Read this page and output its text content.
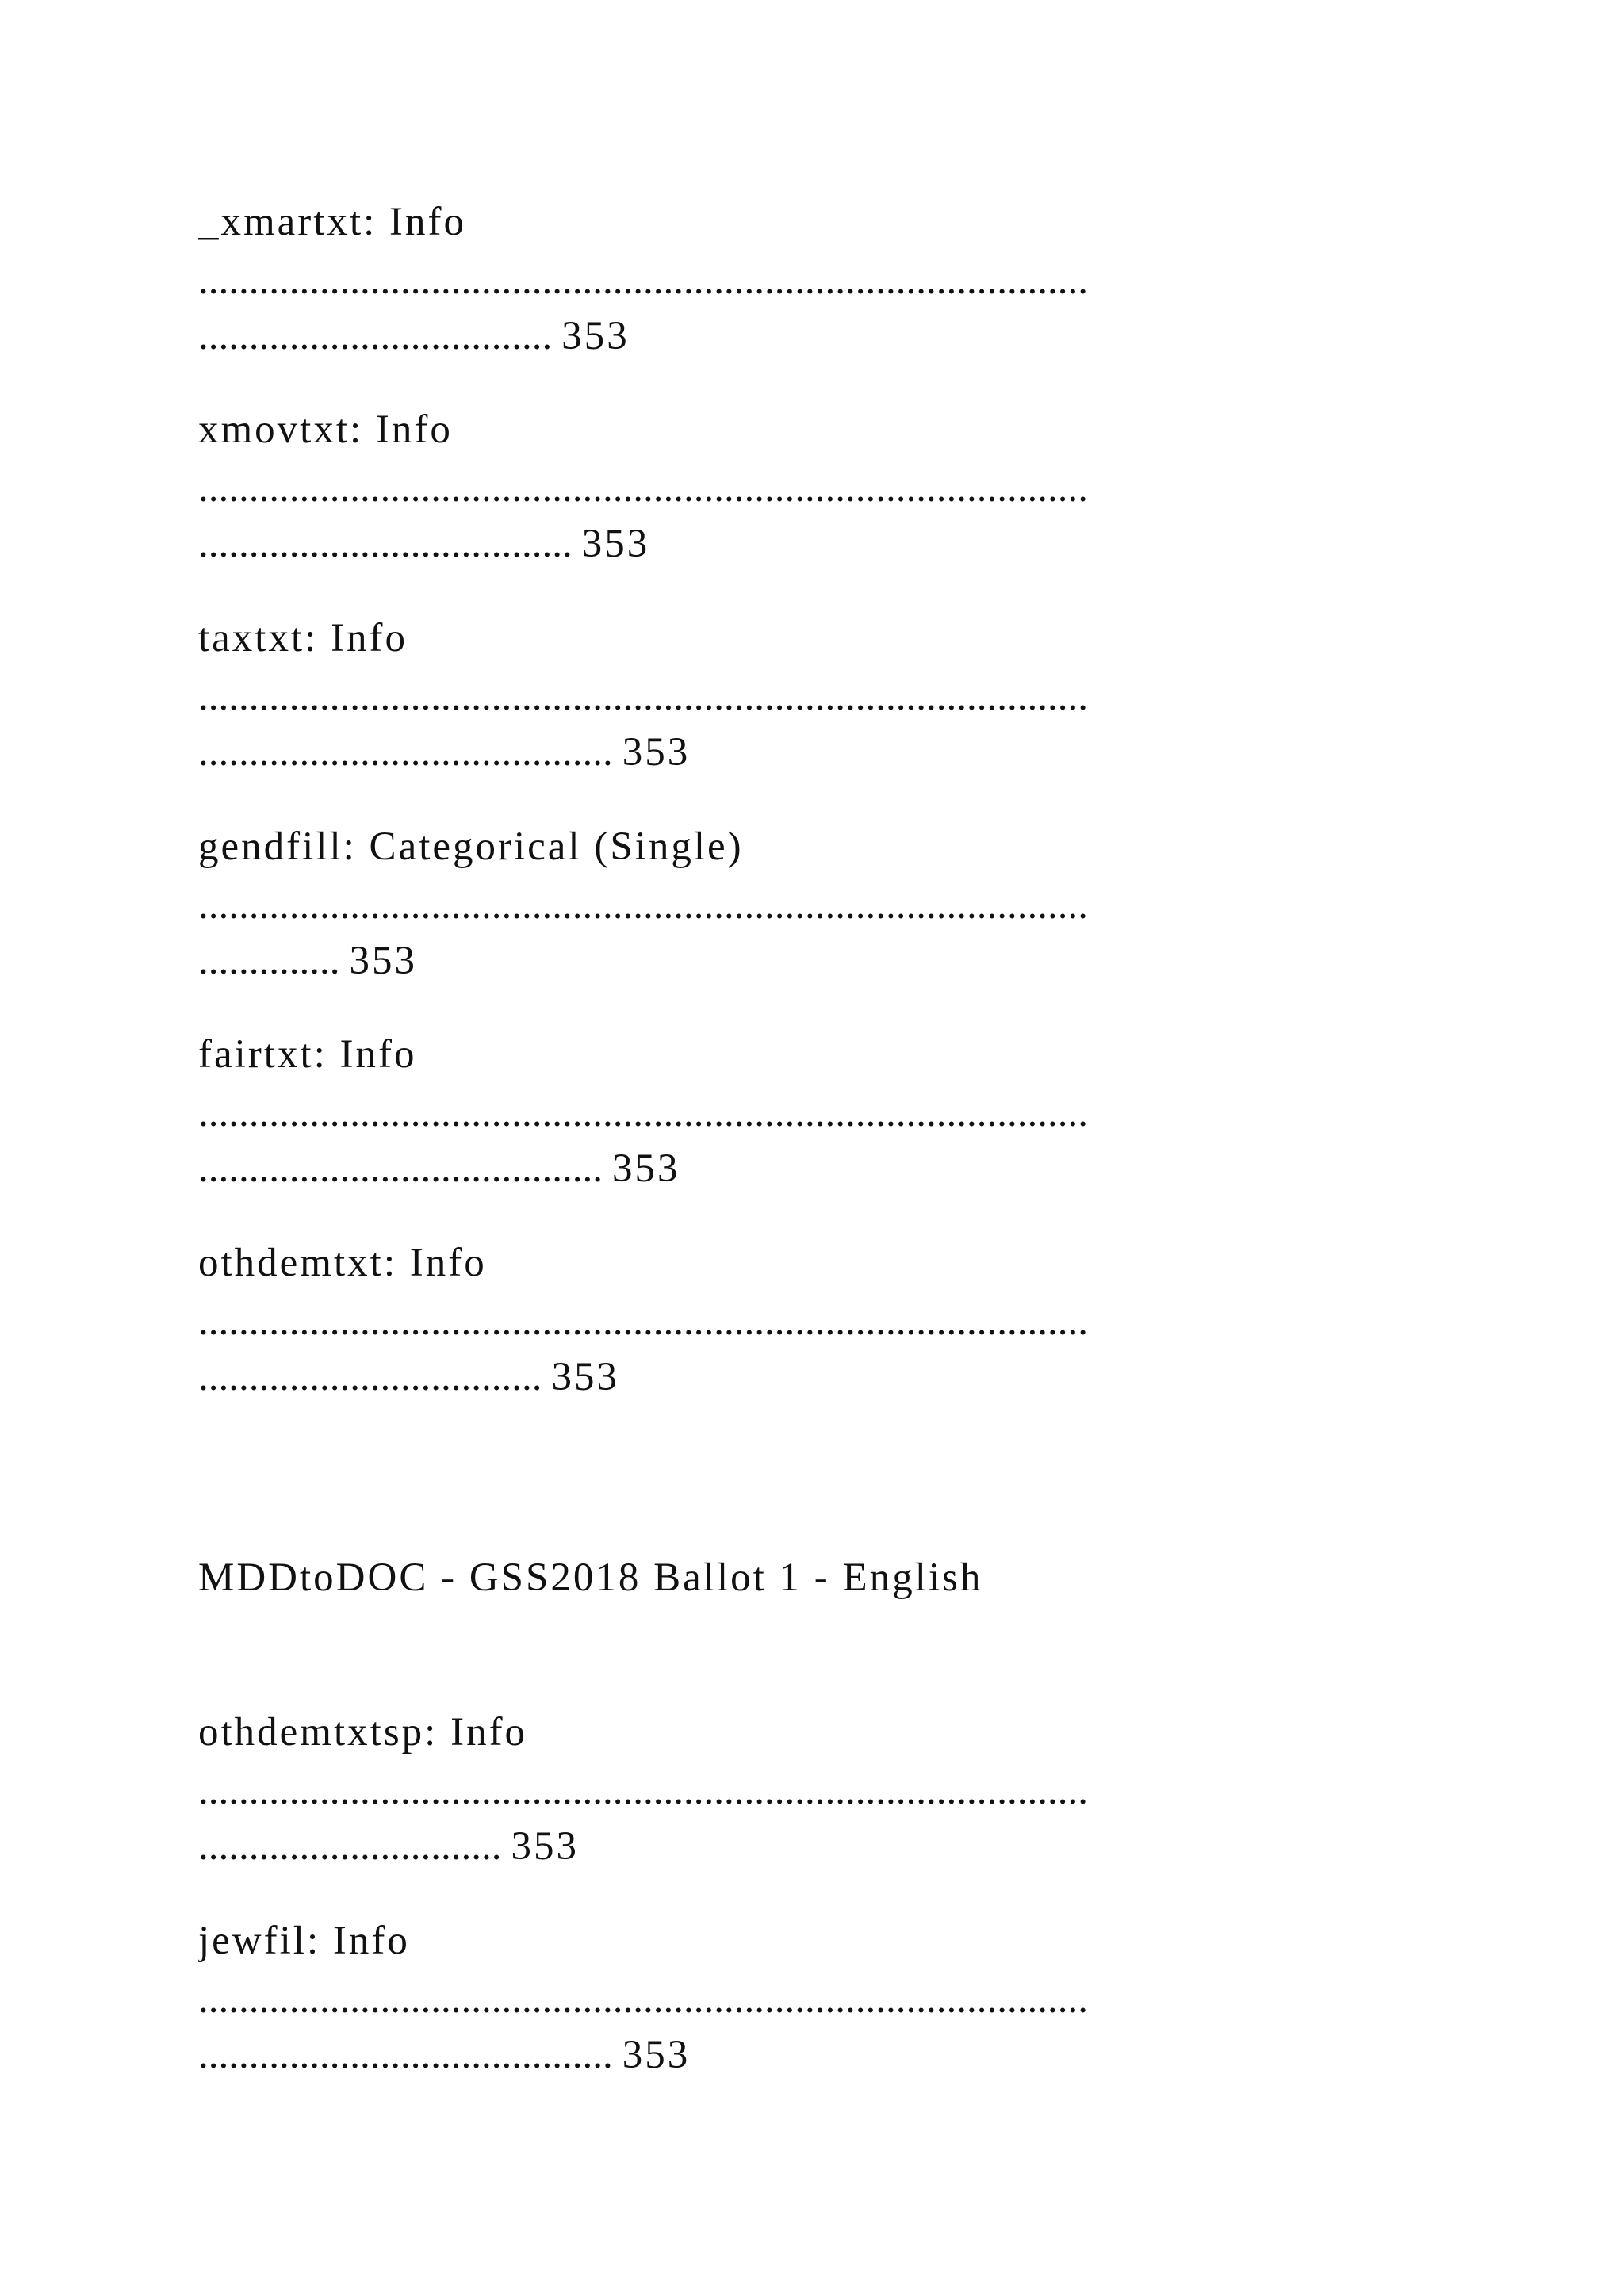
_xmartxt: Info
........................................................................................
................................... 353
xmovtxt: Info
........................................................................................
..................................... 353
taxtxt: Info
........................................................................................
......................................... 353
gendfill: Categorical (Single)
........................................................................................
.............. 353
fairtxt: Info
........................................................................................
........................................ 353
othdemtxt: Info
........................................................................................
.................................. 353
MDDtoDOC - GSS2018 Ballot 1 - English
othdemtxtsp: Info
........................................................................................
.............................. 353
jewfil: Info
........................................................................................
......................................... 353
